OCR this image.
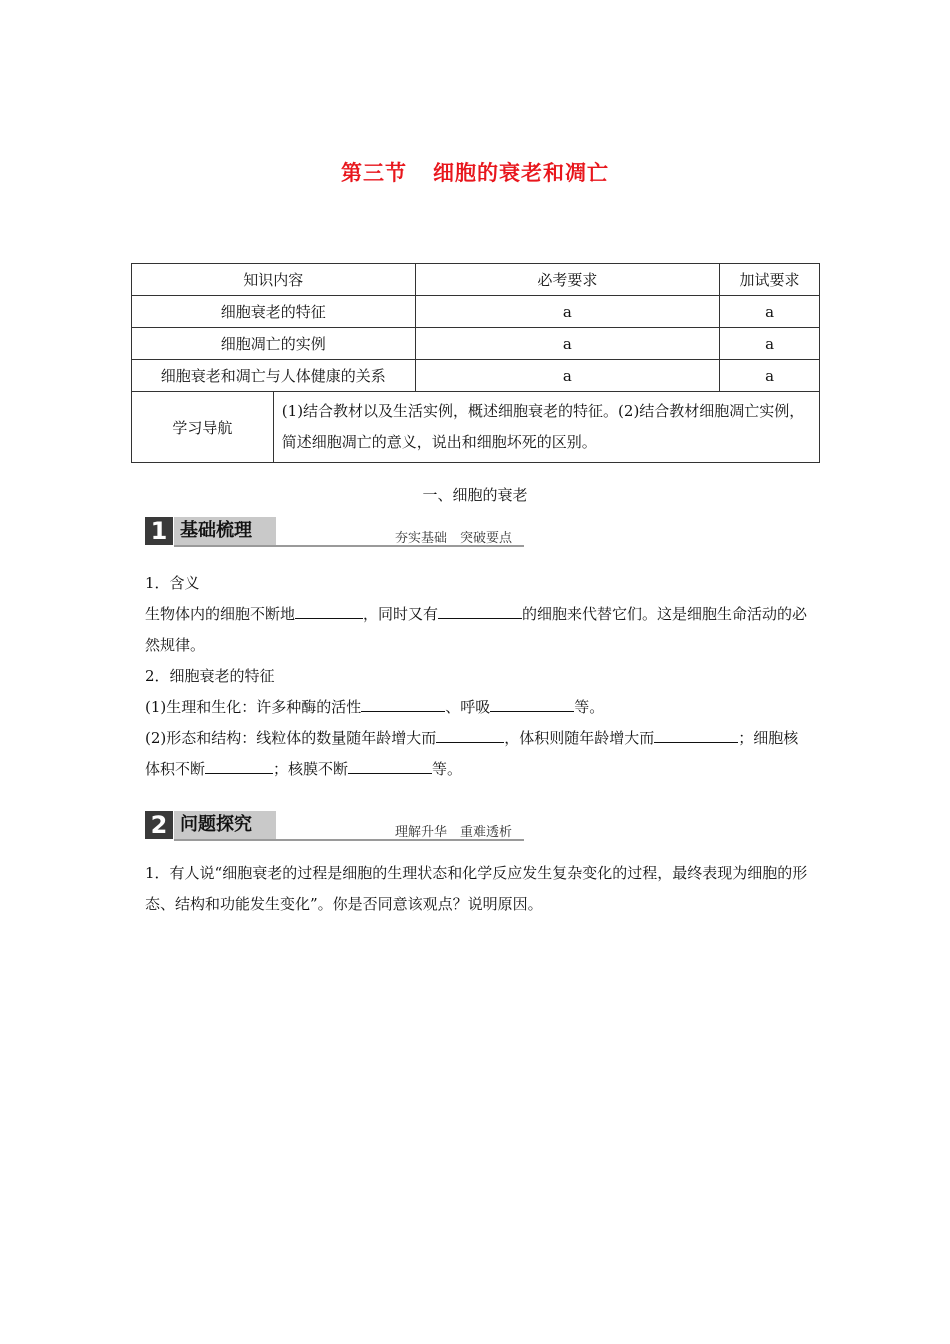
第三节 细胞的衰老和凋亡
知识内容		必考要求	加试要求
细胞衰老的特征		a	a
细胞凋亡的实例		a	a
细胞衰老和凋亡与人体健康的关系		a	a
学习导航	(1)结合教材以及生活实例，概述细胞衰老的特征。(2)结合教材细胞凋亡实例，简述细胞凋亡的意义，说出和细胞坏死的区别。		
一、细胞的衰老
1 基础梳理	夯实基础　突破要点
1．含义
生物体内的细胞不断地	，同时又有	的细胞来代替它们。这是细胞生命活动的必然规律。
2．细胞衰老的特征
(1)生理和生化：许多种酶的活性	、呼吸	等。
(2)形态和结构：线粒体的数量随年龄增大而	，体积则随年龄增大而	；细胞核体积不断	；核膜不断	等。
2 问题探究	理解升华　重难透析
1．有人说“细胞衰老的过程是细胞的生理状态和化学反应发生复杂变化的过程，最终表现为细胞的形态、结构和功能发生变化”。你是否同意该观点？说明原因。
